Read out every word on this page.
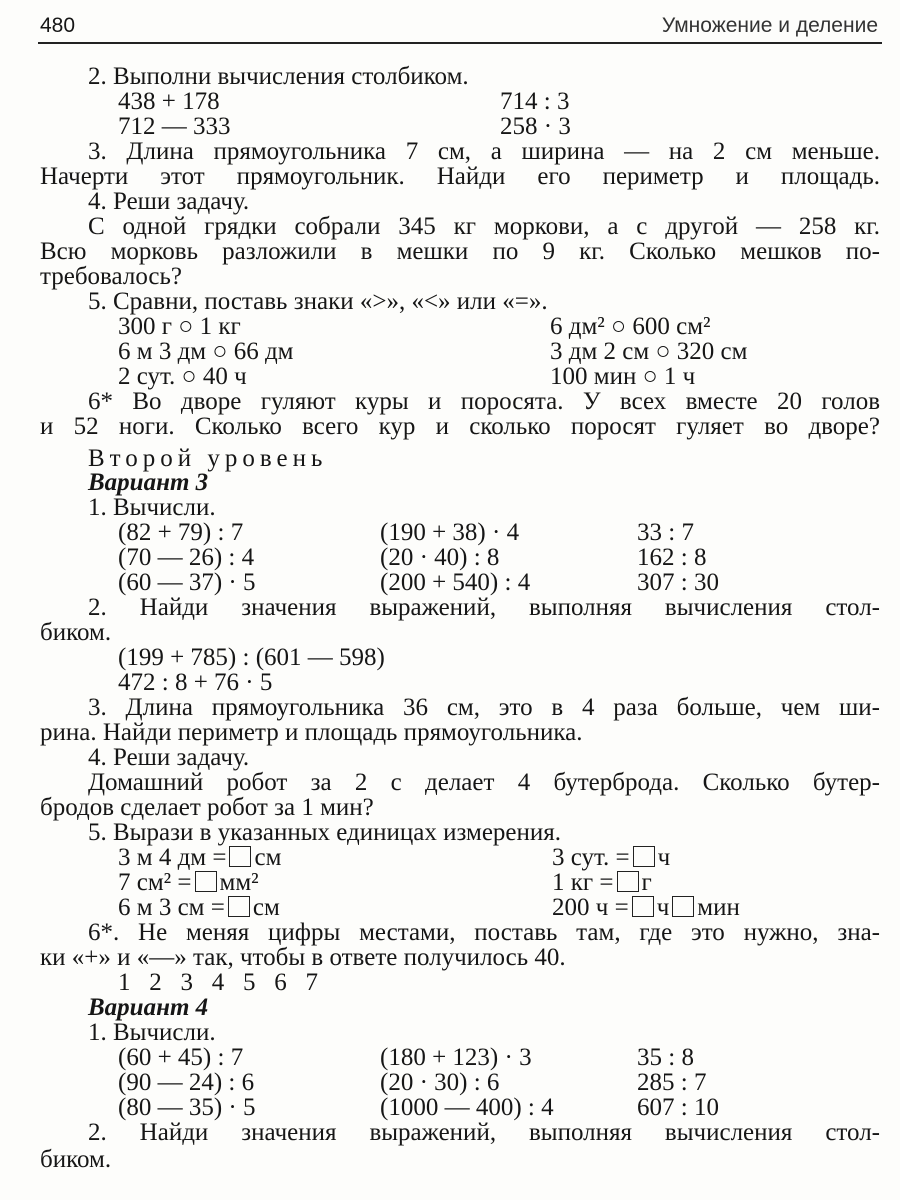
480	Умножение и деление
2. Выполни вычисления столбиком.
438 + 178	714 : 3
712 — 333	258 · 3
3. Длина прямоугольника 7 см, а ширина — на 2 см меньше.
Начерти этот прямоугольник. Найди его периметр и площадь.
4. Реши задачу.
С одной грядки собрали 345 кг моркови, а с другой — 258 кг.
Всю морковь разложили в мешки по 9 кг. Сколько мешков по-
требовалось?
5. Сравни, поставь знаки «>», «<» или «=».
300 г ○ 1 кг	6 дм² ○ 600 см²
6 м 3 дм ○ 66 дм	3 дм 2 см ○ 320 см
2 сут. ○ 40 ч	100 мин ○ 1 ч
6* Во дворе гуляют куры и поросята. У всех вместе 20 голов
и 52 ноги. Сколько всего кур и сколько поросят гуляет во дворе?
Второй уровень
Вариант 3
1. Вычисли.
(82 + 79) : 7	(190 + 38) · 4	33 : 7
(70 — 26) : 4	(20 · 40) : 8	162 : 8
(60 — 37) · 5	(200 + 540) : 4	307 : 30
2. Найди значения выражений, выполняя вычисления стол-
биком.
(199 + 785) : (601 — 598)
472 : 8 + 76 · 5
3. Длина прямоугольника 36 см, это в 4 раза больше, чем ши-
рина. Найди периметр и площадь прямоугольника.
4. Реши задачу.
Домашний робот за 2 с делает 4 бутерброда. Сколько бутер-
бродов сделает робот за 1 мин?
5. Вырази в указанных единицах измерения.
3 м 4 дм = см	3 сут. = ч
7 см² = мм²	1 кг = г
6 м 3 см = см	200 ч = ч мин
6*. Не меняя цифры местами, поставь там, где это нужно, зна-
ки «+» и «—» так, чтобы в ответе получилось 40.
1   2   3   4   5   6   7
Вариант 4
1. Вычисли.
(60 + 45) : 7	(180 + 123) · 3	35 : 8
(90 — 24) : 6	(20 · 30) : 6	285 : 7
(80 — 35) · 5	(1000 — 400) : 4	607 : 10
2. Найди значения выражений, выполняя вычисления стол-
биком.
